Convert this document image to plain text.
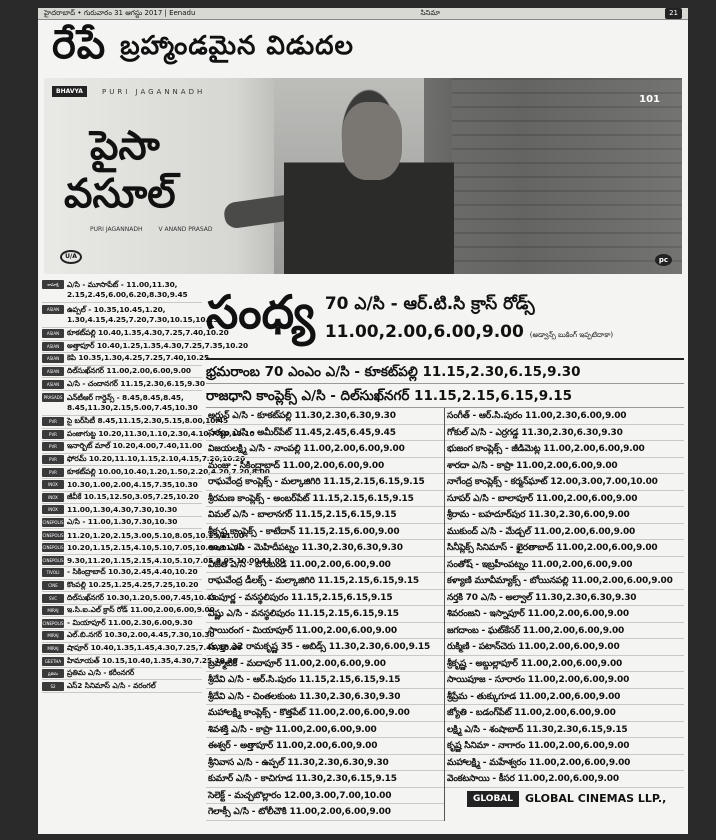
హైదరాబాద్ • గురువారం 31 ఆగస్టు 2017 | Eenadu	సినిమా	21
రేపే బ్రహ్మాండమైన విడుదల
BHAVYA	PURI JAGANNADH
పైసా
వసూల్
PURI JAGANNADH	V ANAND PRASAD
U/A
101
pc
కామాక్షి	ఎ/సి - మూసాపేట్ - 11.00,11.30, 2.15,2.45,6.00,6.20,8.30,9.45
ASIAN	ఉప్పల్ - 10.35,10.45,1.20, 1.30,4.15,4.25,7.20,7.30,10.15,10.25
ASIAN	కూకట్‌పల్లి 10.40,1.35,4.30,7.25,7.40,10.20
ASIAN	అత్తాపూర్ 10.40,1.25,1.35,4.30,7.25,7.35,10.20
ASIAN	కెపి 10.35,1.30,4.25,7.25,7.40,10.25
ASIAN	దిల్‌సుఖ్‌నగర్ 11.00,2.00,6.00,9.00
ASIAN	ఎ/సి - చందానగర్ 11.15,2.30,6.15,9.30
PRASADS ఎన్‌టీఆర్ గార్డెన్స్ - 8.45,8.45,8.45, 8.45,11.30,2.15,5.00,7.45,10.30
PVR	సై బర్‌సిటీ 8.45,11.15,2.30,5.15,8.00,10.45
PVR	పంజాగుట్ట 10.20,11.30,1.10,2.30,4.10,7.10,10.10
PVR	ఇనార్బిట్ మాల్ 10.20,4.00,7.40,11.00
PVR	ఫోరమ్ 10.20,11.10,1.15,2.10,4.15,7.20,10.20
PVR	కూకట్‌పల్లి 10.00,10.40,1.20,1.50,2.20,4.20,7.20,8.00
INOX	10.30,1.00,2.00,4.15,7.35,10.30
INOX	జీవీకే 10.15,12.50,3.05,7.25,10.20
INOX	11.00,1.30,4.30,7.30,10.30
CINEPOLIS ఎ/సి - 11.00,1.30,7.30,10.30
CINEPOLIS 11.20,1.20,2.15,3.00,5.10,8.05,10.15,11.00
CINEPOLIS 10.20,1.15,2.15,4.10,5.10,7.05,10.00,11.00
CINEPOLIS 9.30,11.20,1.15,2.15,4.10,5.10,7.05,8.05,10.00,11.00
TIVOLI	- సికింద్రాబాద్ 10.30,2.45,4.40,10.20
CINE	కొంపల్లి 10.25,1.25,4.25,7.25,10.20
SVC	దిల్‌సుఖ్‌నగర్ 10.30,1.20,5.00,7.45,10.45
MIRAJ	ఇ.సి.ఐ.ఎల్ క్రాస్ రోడ్ 11.00,2.00,6.00,9.00
CINEPOLIS - మియాపూర్ 11.00,2.30,6.00,9.30
MIRAJ	ఎల్.బి.నగర్ 10.30,2.00,4.45,7.30,10.30
MIRAJ	షాపూర్ 10.40,1.35,1.45,4.30,7.25,7.45,10.20
GEETHA హిమాయత్ 10.15,10.40,1.35,4.30,7.25,10.20
ప్రతిమ	ప్రతిమ ఎ/సి - కరీంనగర్
S2	ఎస్2 సినిమాస్ ఎ/సి - వరంగల్
సంధ్య 70 ఎ/సి - ఆర్.టి.సి క్రాస్ రోడ్స్
11.00,2.00,6.00,9.00 (అడ్వాన్స్ బుకింగ్ ఇప్పటిదాకా)
భ్రమరాంబ 70 ఎంఎం ఎ/సి - కూకట్‌పల్లి 11.15,2.30,6.15,9.30
రాజధాని కాంప్లెక్స్ ఎ/సి - దిల్‌సుఖ్‌నగర్ 11.15,2.15,6.15,9.15
అర్జున్ ఎ/సి - కూకట్‌పల్లి 11.30,2.30,6.30,9.30
సత్యం ఎ/సి - అమీర్‌పేట్ 11.45,2.45,6.45,9.45
విజయలక్ష్మి ఎ/సి - నాంపల్లి 11.00,2.00,6.00,9.00
మంజు - సికింద్రాబాద్ 11.00,2.00,6.00,9.00
రాఘవేంద్ర కాంప్లెక్స్ - మల్కాజిగిరి 11.15,2.15,6.15,9.15
శ్రీరమణ కాంప్లెక్స్ - అంబర్‌పేట్ 11.15,2.15,6.15,9.15
విమల్ ఎ/సి - బాలానగర్ 11.15,2.15,6.15,9.15
శ్రీకృష్ణ కాంప్లెక్స్ - కాటేదాన్ 11.15,2.15,6.00,9.00
అంబ ఎ/సి - మెహిదీపట్నం 11.30,2.30,6.30,9.30
విజేత ఎ/సి - బోరబండ 11.00,2.00,6.00,9.00
రాఘవేంద్ర డీలక్స్ - మల్కాజిగిరి 11.15,2.15,6.15,9.15
సంపూర్ణ - వనస్థలిపురం 11.15,2.15,6.15,9.15
విష్ణు ఎ/సి - వనస్థలిపురం 11.15,2.15,6.15,9.15
సాయిరంగ - మియాపూర్ 11.00,2.00,6.00,9.00
ముక్తా ఎ2 రామకృష్ణ 35 - అబిడ్స్ 11.30,2.30,6.00,9.15
బ్రహ్మాటెక్ - మదాపూర్ 11.00,2.00,6.00,9.00
శ్రీదేవి ఎ/సి - ఆర్.సి.పురం 11.15,2.15,6.15,9.15
శ్రీదేవి ఎ/సి - చింతలకుంట 11.30,2.30,6.30,9.30
మహాలక్ష్మి కాంప్లెక్స్ - కొత్తపేట్ 11.00,2.00,6.00,9.00
శివశక్తి ఎ/సి - కాప్రా 11.00,2.00,6.00,9.00
ఈశ్వర్ - అత్తాపూర్ 11.00,2.00,6.00,9.00
శ్రీనివాస ఎ/సి - ఉప్పల్ 11.30,2.30,6.30,9.30
కుమార్ ఎ/సి - కాచిగూడ 11.30,2.30,6.15,9.15
సెలెక్ట్ - మచ్చబొల్లారం 12.00,3.00,7.00,10.00
గెలాక్సీ ఎ/సి - టోలీచౌకి 11.00,2.00,6.00,9.00
సంగీత్ - ఆర్.సి.పురం 11.00,2.30,6.00,9.00
గోకుల్ ఎ/సి - ఎర్రగడ్డ 11.30,2.30,6.30,9.30
భుజంగ కాంప్లెక్స్ - జీడిమెట్ల 11.00,2.00,6.00,9.00
శారదా ఎ/సి - కాప్రా 11.00,2.00,6.00,9.00
నాగేంద్ర కాంప్లెక్స్ - కర్మన్‌ఘాట్ 12.00,3.00,7.00,10.00
సూపర్ ఎ/సి - బాలాపూర్ 11.00,2.00,6.00,9.00
శ్రీరామ - బహదూర్‌పుర 11.30,2.30,6.00,9.00
ముకుంద్ ఎ/సి - మేడ్చల్ 11.00,2.00,6.00,9.00
సినీప్లెక్స్ సినిమాస్ - ఖైరతాబాద్ 11.00,2.00,6.00,9.00
సంతోష్ - ఇబ్రహీంపట్నం 11.00,2.00,6.00,9.00
కళ్యాణి మూవీమ్యాక్స్ - బోయినపల్లి 11.00,2.00,6.00,9.00
నర్తకి 70 ఎ/సి - అల్వాల్ 11.30,2.30,6.30,9.30
శివరంజని - ఇస్నాపూర్ 11.00,2.00,6.00,9.00
జగదాంబ - ఘట్‌కేసర్ 11.00,2.00,6.00,9.00
రుక్మిణి - పటాన్‌చెరు 11.00,2.00,6.00,9.00
శ్రీకృష్ణ - అబ్దుల్లాపూర్ 11.00,2.00,6.00,9.00
సాయిపూజ - సూరారం 11.00,2.00,6.00,9.00
శ్రీప్రేమ - తుక్కుగూడ 11.00,2.00,6.00,9.00
జ్యోతి - బడంగ్‌పేట్ 11.00,2.00,6.00,9.00
లక్ష్మి ఎ/సి - శంషాబాద్ 11.30,2.30,6.15,9.15
కృష్ణ సినిమా - నాగారం 11.00,2.00,6.00,9.00
మహాలక్ష్మి - మహేశ్వరం 11.00,2.00,6.00,9.00
వెంకటసాయి - కీసర 11.00,2.00,6.00,9.00
GLOBAL	GLOBAL CINEMAS LLP.,
